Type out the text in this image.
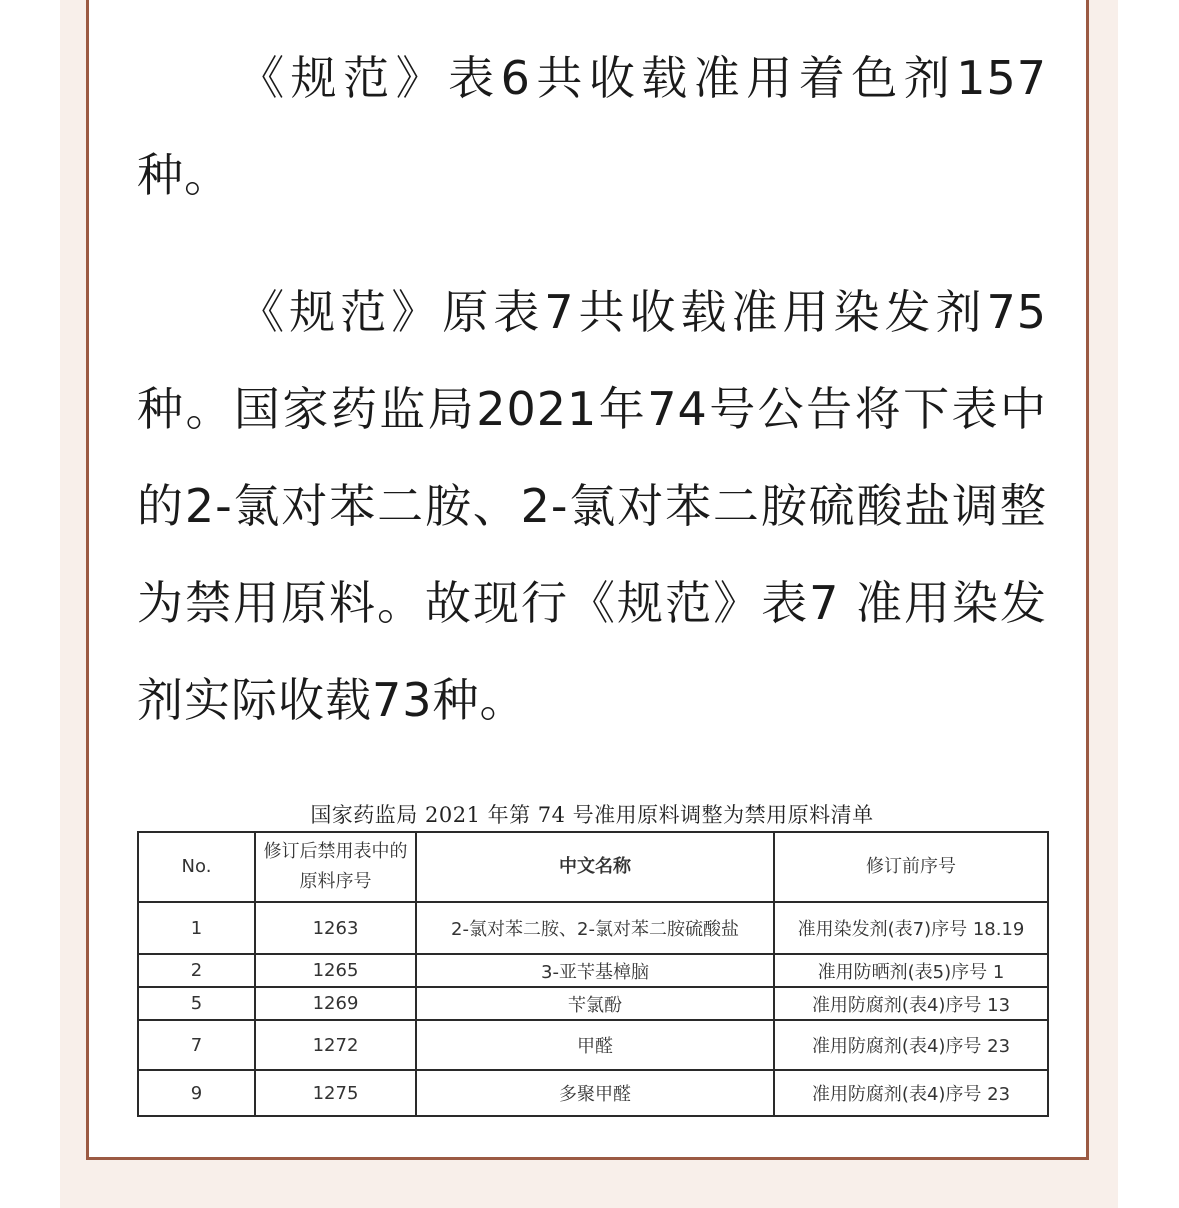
《规范》表6共收载准用着色剂157种。

《规范》原表7共收载准用染发剂75种。国家药监局2021年74号公告将下表中的2-氯对苯二胺、2-氯对苯二胺硫酸盐调整为禁用原料。故现行《规范》表7 准用染发剂实际收载73种。

国家药监局 2021 年第 74 号准用原料调整为禁用原料清单
No.	修订后禁用表中的原料序号	中文名称	修订前序号
1	1263	2-氯对苯二胺、2-氯对苯二胺硫酸盐	准用染发剂(表7)序号 18.19
2	1265	3-亚苄基樟脑	准用防晒剂(表5)序号 1
5	1269	苄氯酚	准用防腐剂(表4)序号 13
7	1272	甲醛	准用防腐剂(表4)序号 23
9	1275	多聚甲醛	准用防腐剂(表4)序号 23
